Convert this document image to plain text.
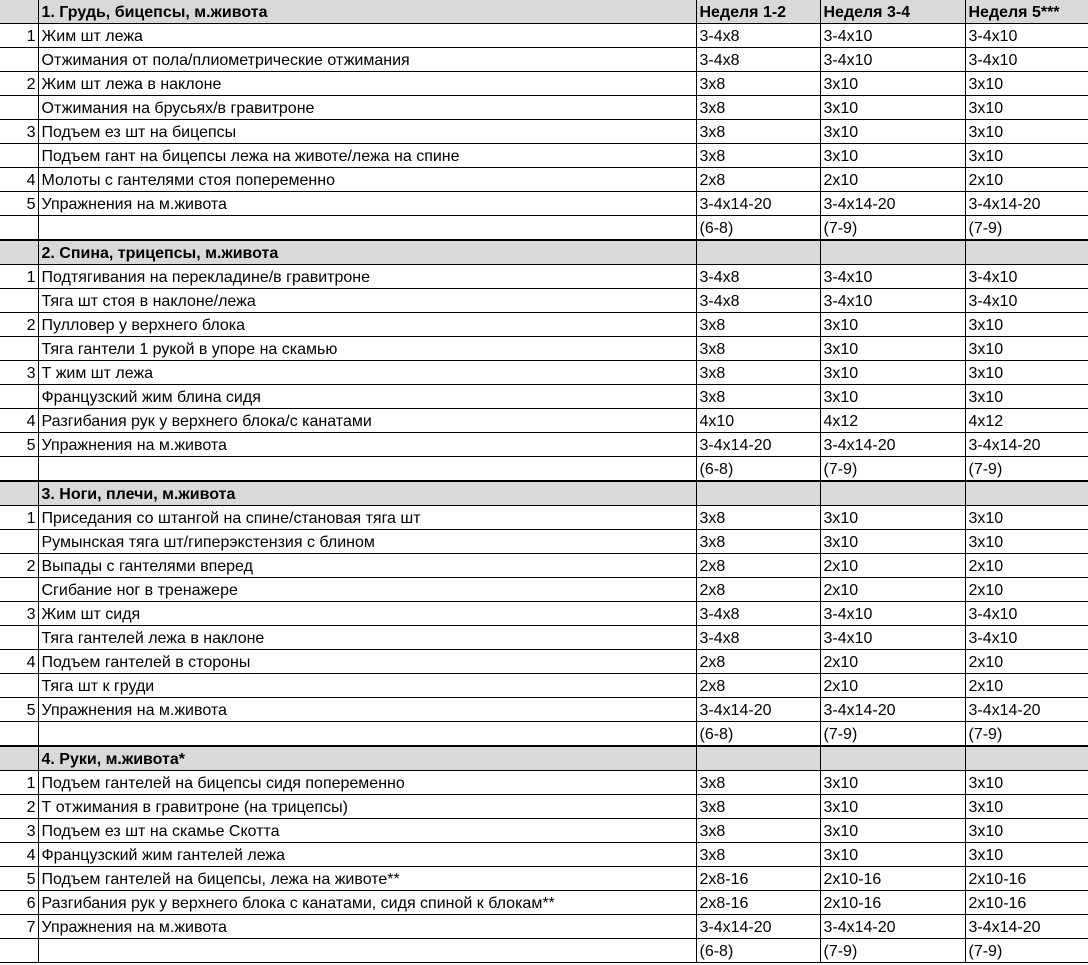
	1. Грудь, бицепсы, м.живота	Неделя 1-2	Неделя 3-4	Неделя 5***
1	Жим шт лежа	3-4x8	3-4x10	3-4x10
	Отжимания от пола/плиометрические отжимания	3-4x8	3-4x10	3-4x10
2	Жим шт лежа в наклоне	3x8	3x10	3x10
	Отжимания на брусьях/в гравитроне	3x8	3x10	3x10
3	Подъем ез шт на бицепсы	3x8	3x10	3x10
	Подъем гант на бицепсы лежа на животе/лежа на спине	3x8	3x10	3x10
4	Молоты с гантелями стоя попеременно	2x8	2x10	2x10
5	Упражнения на м.живота	3-4x14-20	3-4x14-20	3-4x14-20
		(6-8)	(7-9)	(7-9)
	2. Спина, трицепсы, м.живота			
1	Подтягивания на перекладине/в гравитроне	3-4x8	3-4x10	3-4x10
	Тяга шт стоя в наклоне/лежа	3-4x8	3-4x10	3-4x10
2	Пулловер у верхнего блока	3x8	3x10	3x10
	Тяга гантели 1 рукой в упоре на скамью	3x8	3x10	3x10
3	Т жим шт лежа	3x8	3x10	3x10
	Французский жим блина сидя	3x8	3x10	3x10
4	Разгибания рук у верхнего блока/с канатами	4x10	4x12	4x12
5	Упражнения на м.живота	3-4x14-20	3-4x14-20	3-4x14-20
		(6-8)	(7-9)	(7-9)
	3. Ноги, плечи, м.живота			
1	Приседания со штангой на спине/становая тяга шт	3x8	3x10	3x10
	Румынская тяга шт/гиперэкстензия с блином	3x8	3x10	3x10
2	Выпады с гантелями вперед	2x8	2x10	2x10
	Сгибание ног в тренажере	2x8	2x10	2x10
3	Жим шт сидя	3-4x8	3-4x10	3-4x10
	Тяга гантелей лежа в наклоне	3-4x8	3-4x10	3-4x10
4	Подъем гантелей в стороны	2x8	2x10	2x10
	Тяга шт к груди	2x8	2x10	2x10
5	Упражнения на м.живота	3-4x14-20	3-4x14-20	3-4x14-20
		(6-8)	(7-9)	(7-9)
	4. Руки, м.живота*			
1	Подъем гантелей на бицепсы сидя попеременно	3x8	3x10	3x10
2	Т отжимания в гравитроне (на трицепсы)	3x8	3x10	3x10
3	Подъем ез шт на скамье Скотта	3x8	3x10	3x10
4	Французский жим гантелей лежа	3x8	3x10	3x10
5	Подъем гантелей на бицепсы, лежа на животе**	2x8-16	2x10-16	2x10-16
6	Разгибания рук у верхнего блока с канатами, сидя спиной к блокам**	2x8-16	2x10-16	2x10-16
7	Упражнения на м.живота	3-4x14-20	3-4x14-20	3-4x14-20
		(6-8)	(7-9)	(7-9)
